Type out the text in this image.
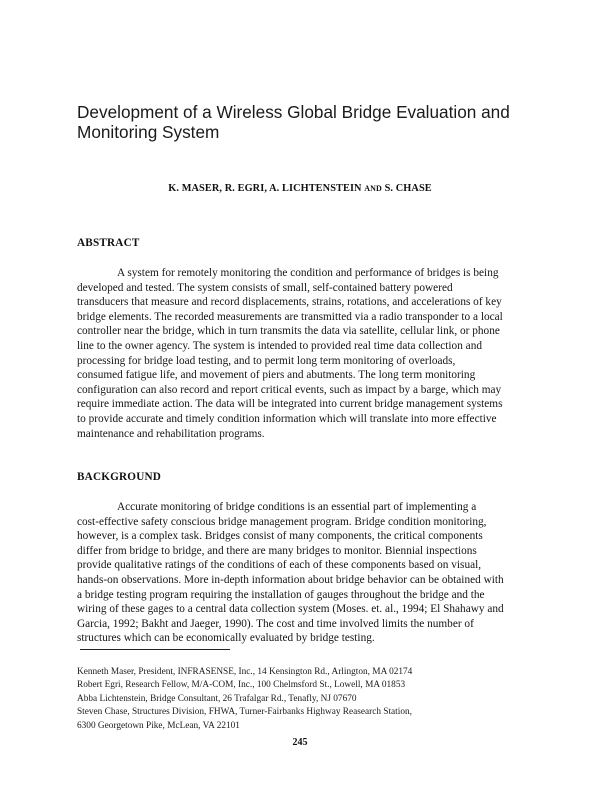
Development of a Wireless Global Bridge Evaluation and
Monitoring System
K. MASER, R. EGRI, A. LICHTENSTEIN AND S. CHASE
ABSTRACT
A system for remotely monitoring the condition and performance of bridges is being
developed and tested. The system consists of small, self-contained battery powered
transducers that measure and record displacements, strains, rotations, and accelerations of key
bridge elements. The recorded measurements are transmitted via a radio transponder to a local
controller near the bridge, which in turn transmits the data via satellite, cellular link, or phone
line to the owner agency. The system is intended to provided real time data collection and
processing for bridge load testing, and to permit long term monitoring of overloads,
consumed fatigue life, and movement of piers and abutments. The long term monitoring
configuration can also record and report critical events, such as impact by a barge, which may
require immediate action. The data will be integrated into current bridge management systems
to provide accurate and timely condition information which will translate into more effective
maintenance and rehabilitation programs.
BACKGROUND
Accurate monitoring of bridge conditions is an essential part of implementing a
cost-effective safety conscious bridge management program. Bridge condition monitoring,
however, is a complex task. Bridges consist of many components, the critical components
differ from bridge to bridge, and there are many bridges to monitor. Biennial inspections
provide qualitative ratings of the conditions of each of these components based on visual,
hands-on observations. More in-depth information about bridge behavior can be obtained with
a bridge testing program requiring the installation of gauges throughout the bridge and the
wiring of these gages to a central data collection system (Moses. et. al., 1994; El Shahawy and
Garcia, 1992; Bakht and Jaeger, 1990). The cost and time involved limits the number of
structures which can be economically evaluated by bridge testing.
Kenneth Maser, President, INFRASENSE, Inc., 14 Kensington Rd., Arlington, MA 02174
Robert Egri, Research Fellow, M/A-COM, Inc., 100 Chelmsford St., Lowell, MA 01853
Abba Lichtenstein, Bridge Consultant, 26 Trafalgar Rd., Tenafly, NJ 07670
Steven Chase, Structures Division, FHWA, Turner-Fairbanks Highway Reasearch Station,
6300 Georgetown Pike, McLean, VA 22101
245
